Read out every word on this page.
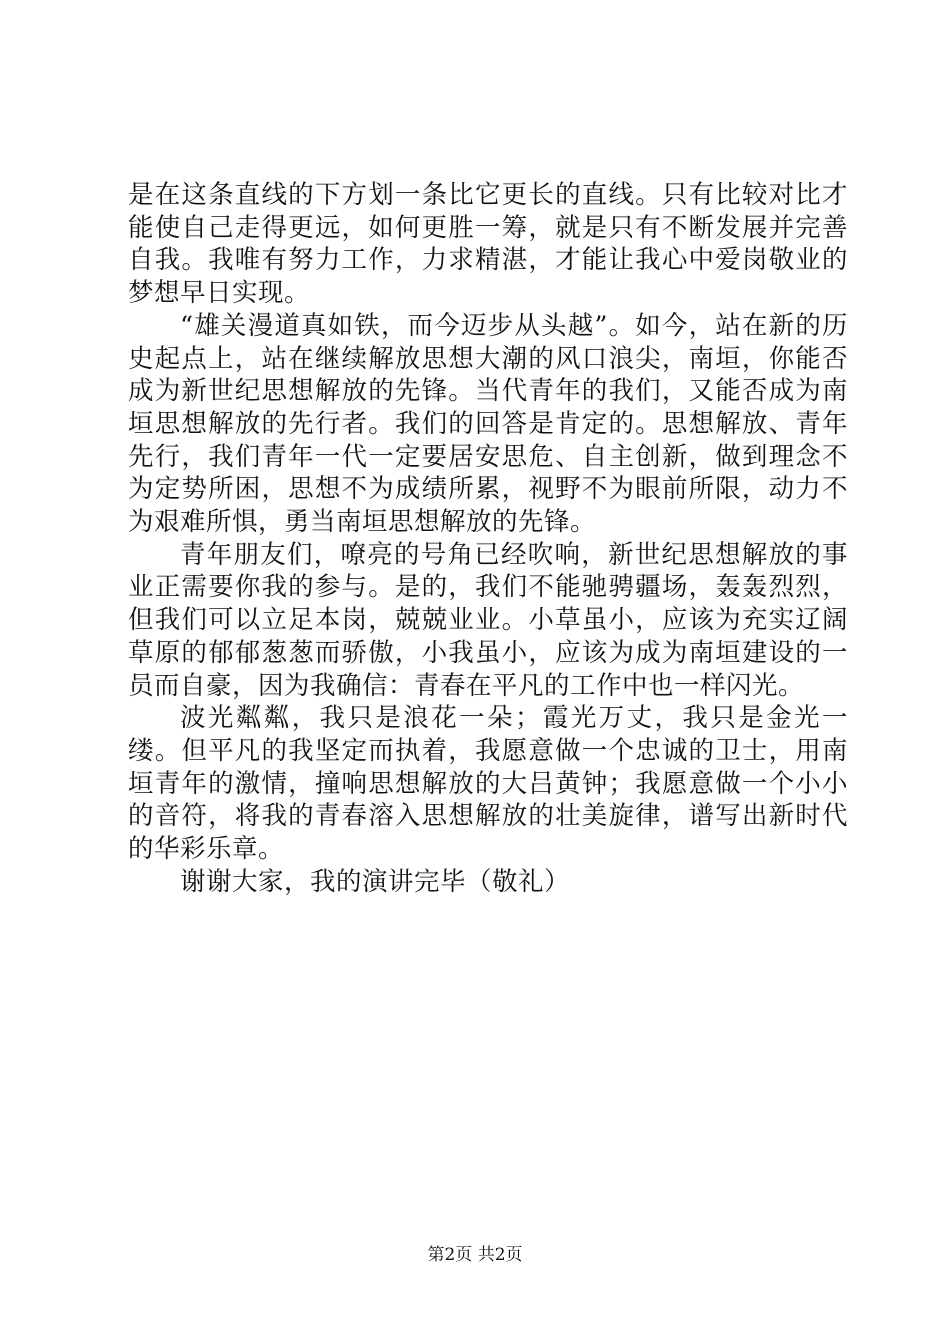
是在这条直线的下方划一条比它更长的直线。只有比较对比才能使自己走得更远，如何更胜一筹，就是只有不断发展并完善自我。我唯有努力工作，力求精湛，才能让我心中爱岗敬业的梦想早日实现。

“雄关漫道真如铁，而今迈步从头越”。如今，站在新的历史起点上，站在继续解放思想大潮的风口浪尖，南垣，你能否成为新世纪思想解放的先锋。当代青年的我们，又能否成为南垣思想解放的先行者。我们的回答是肯定的。思想解放、青年先行，我们青年一代一定要居安思危、自主创新，做到理念不为定势所困，思想不为成绩所累，视野不为眼前所限，动力不为艰难所惧，勇当南垣思想解放的先锋。

青年朋友们，嘹亮的号角已经吹响，新世纪思想解放的事业正需要你我的参与。是的，我们不能驰骋疆场，轰轰烈烈，但我们可以立足本岗，兢兢业业。小草虽小，应该为充实辽阔草原的郁郁葱葱而骄傲，小我虽小，应该为成为南垣建设的一员而自豪，因为我确信：青春在平凡的工作中也一样闪光。

波光粼粼，我只是浪花一朵；霞光万丈，我只是金光一缕。但平凡的我坚定而执着，我愿意做一个忠诚的卫士，用南垣青年的激情，撞响思想解放的大吕黄钟；我愿意做一个小小的音符，将我的青春溶入思想解放的壮美旋律，谱写出新时代的华彩乐章。

谢谢大家，我的演讲完毕（敬礼）

第2页 共2页
